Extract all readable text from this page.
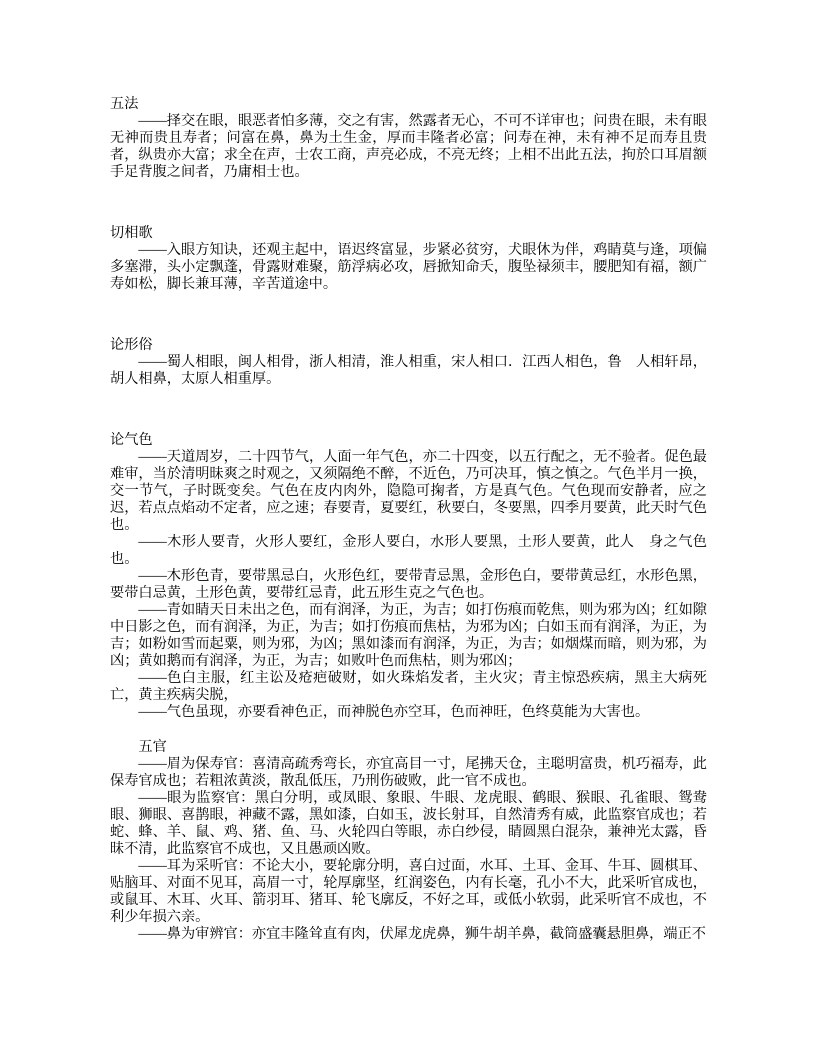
五法

——择交在眼，眼恶者怕多薄，交之有害，然露者无心，不可不详审也；问贵在眼，未有眼无神而贵且寿者；问富在鼻，鼻为土生金，厚而丰隆者必富；问寿在神，未有神不足而寿且贵者，纵贵亦大富；求全在声，士农工商，声亮必成，不亮无终；上相不出此五法，拘於口耳眉额手足背腹之间者，乃庸相士也。

切相歌

——入眼方知诀，还观主起中，语迟终富显，步紧必贫穷，犬眼休为伴，鸡睛莫与逢，项偏多塞滞，头小定飘蓬，骨露财难聚，筋浮病必攻，唇掀知命夭，腹坠禄须丰，腰肥知有福，额广寿如松，脚长兼耳薄，辛苦道途中。

论形俗

——蜀人相眼，闽人相骨，浙人相清，淮人相重，宋人相口．江西人相色，鲁　人相轩昂，胡人相鼻，太原人相重厚。

论气色

——天道周岁，二十四节气，人面一年气色，亦二十四变，以五行配之，无不验者。促色最难审，当於清明昧爽之时观之，又须隔绝不醉，不近色，乃可决耳，慎之慎之。气色半月一换，交一节气，子时既变矣。气色在皮内肉外，隐隐可掬者，方是真气色。气色现而安静者，应之迟，若点点焰动不定者，应之速；春要青，夏要红，秋要白，冬要黑，四季月要黄，此天时气色也。

——木形人要青，火形人要红，金形人要白，水形人要黑，土形人要黄，此人　身之气色也。

——木形色青，要带黑忌白，火形色红，要带青忌黑，金形色白，要带黄忌红，水形色黑，要带白忌黄，土形色黄，要带红忌青，此五形生克之气色也。

——青如睛天日未出之色，而有润泽，为正，为吉；如打伤痕而乾焦，则为邪为凶；红如隙中日影之色，而有润泽，为正，为吉；如打伤痕而焦枯，为邪为凶；白如玉而有润泽，为正，为吉；如粉如雪而起粟，则为邪，为凶；黑如漆而有润泽，为正，为吉；如烟煤而暗，则为邪，为凶；黄如鹅而有润泽，为正，为吉；如败叶色而焦枯，则为邪凶；

——色白主服，红主讼及疮疤破财，如火珠焰发者，主火灾；青主惊恐疾病，黑主大病死亡，黄主疾病尖脱，

——气色虽现，亦要看神色正，而神脱色亦空耳，色而神旺，色终莫能为大害也。

五官

——眉为保寿官：喜清高疏秀弯长，亦宜高目一寸，尾拂天仓，主聪明富贵，机巧福寿，此保寿官成也；若粗浓黄淡，散乱低压，乃刑伤破败，此一官不成也。

——眼为监察官：黑白分明，或凤眼、象眼、牛眼、龙虎眼、鹤眼、猴眼、孔雀眼、鸳鸯眼、狮眼、喜鹊眼，神藏不露，黑如漆，白如玉，波长射耳，自然清秀有威，此监察官成也；若蛇、蜂、羊、鼠、鸡、猪、鱼、马、火轮四白等眼，赤白纱侵，睛圆黑白混杂，兼神光太露，昏昧不清，此监察官不成也，又且愚顽凶败。

——耳为采听官：不论大小，要轮廓分明，喜白过面，水耳、土耳、金耳、牛耳、圆棋耳、贴脑耳、对面不见耳，高眉一寸，轮厚廓坚，红润姿色，内有长毫，孔小不大，此采听官成也，或鼠耳、木耳、火耳、箭羽耳、猪耳、轮飞廓反，不好之耳，或低小软弱，此采听官不成也，不利少年损六亲。

——鼻为审辨官：亦宜丰隆耸直有肉，伏犀龙虎鼻，狮牛胡羊鼻，截筒盛囊悬胆鼻，端正不
